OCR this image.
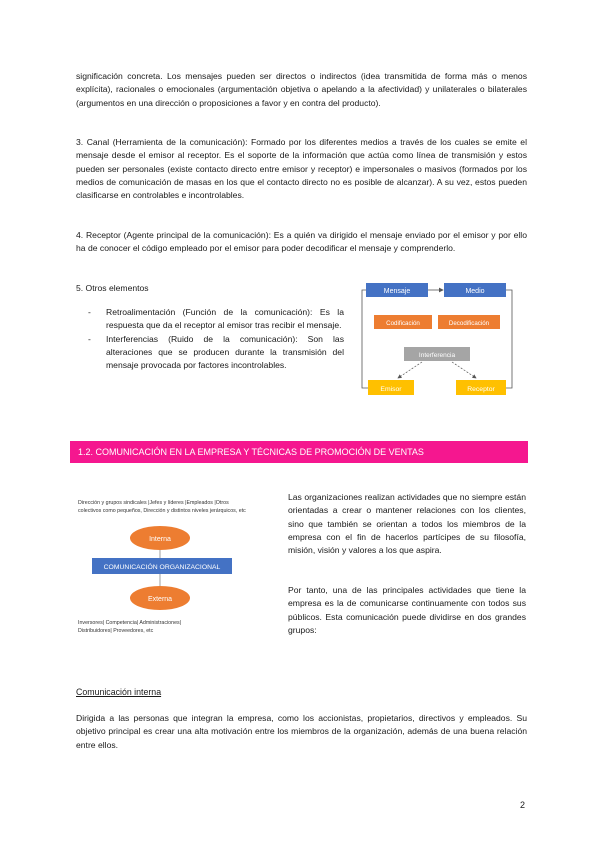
significación concreta. Los mensajes pueden ser directos o indirectos (idea transmitida de forma más o menos explícita), racionales o emocionales (argumentación objetiva o apelando a la afectividad) y unilaterales o bilaterales (argumentos en una dirección o proposiciones a favor y en contra del producto).

3. Canal (Herramienta de la comunicación): Formado por los diferentes medios a través de los cuales se emite el mensaje desde el emisor al receptor. Es el soporte de la información que actúa como línea de transmisión y estos pueden ser personales (existe contacto directo entre emisor y receptor) e impersonales o masivos (formados por los medios de comunicación de masas en los que el contacto directo no es posible de alcanzar). A su vez, estos pueden clasificarse en controlables e incontrolables.

4. Receptor (Agente principal de la comunicación): Es a quién va dirigido el mensaje enviado por el emisor y por ello ha de conocer el código empleado por el emisor para poder decodificar el mensaje y comprenderlo.

5. Otros elementos

- Retroalimentación (Función de la comunicación): Es la respuesta que da el receptor al emisor tras recibir el mensaje.
- Interferencias (Ruido de la comunicación): Son las alteraciones que se producen durante la transmisión del mensaje provocada por factores incontrolables.
Mensaje	Medio
Codificación	Decodificación
Interferencia
Emisor	Receptor
1.2. COMUNICACIÓN EN LA EMPRESA Y TÉCNICAS DE PROMOCIÓN DE VENTAS
Dirección y grupos sindicales |Jefes y líderes |Empleados |Otros
colectivos como pequeños, Dirección y distintos niveles jerárquicos, etc
Interna
COMUNICACIÓN ORGANIZACIONAL
Externa
Inversores| Competencia| Administraciones|
Distribuidores| Proveedores, etc

Las organizaciones realizan actividades que no siempre están orientadas a crear o mantener relaciones con los clientes, sino que también se orientan a todos los miembros de la empresa con el fin de hacerlos partícipes de su filosofía, misión, visión y valores a los que aspira.

Por tanto, una de las principales actividades que tiene la empresa es la de comunicarse continuamente con todos sus públicos. Esta comunicación puede dividirse en dos grandes grupos:

Comunicación interna

Dirigida a las personas que integran la empresa, como los accionistas, propietarios, directivos y empleados. Su objetivo principal es crear una alta motivación entre los miembros de la organización, además de una buena relación entre ellos.

2
